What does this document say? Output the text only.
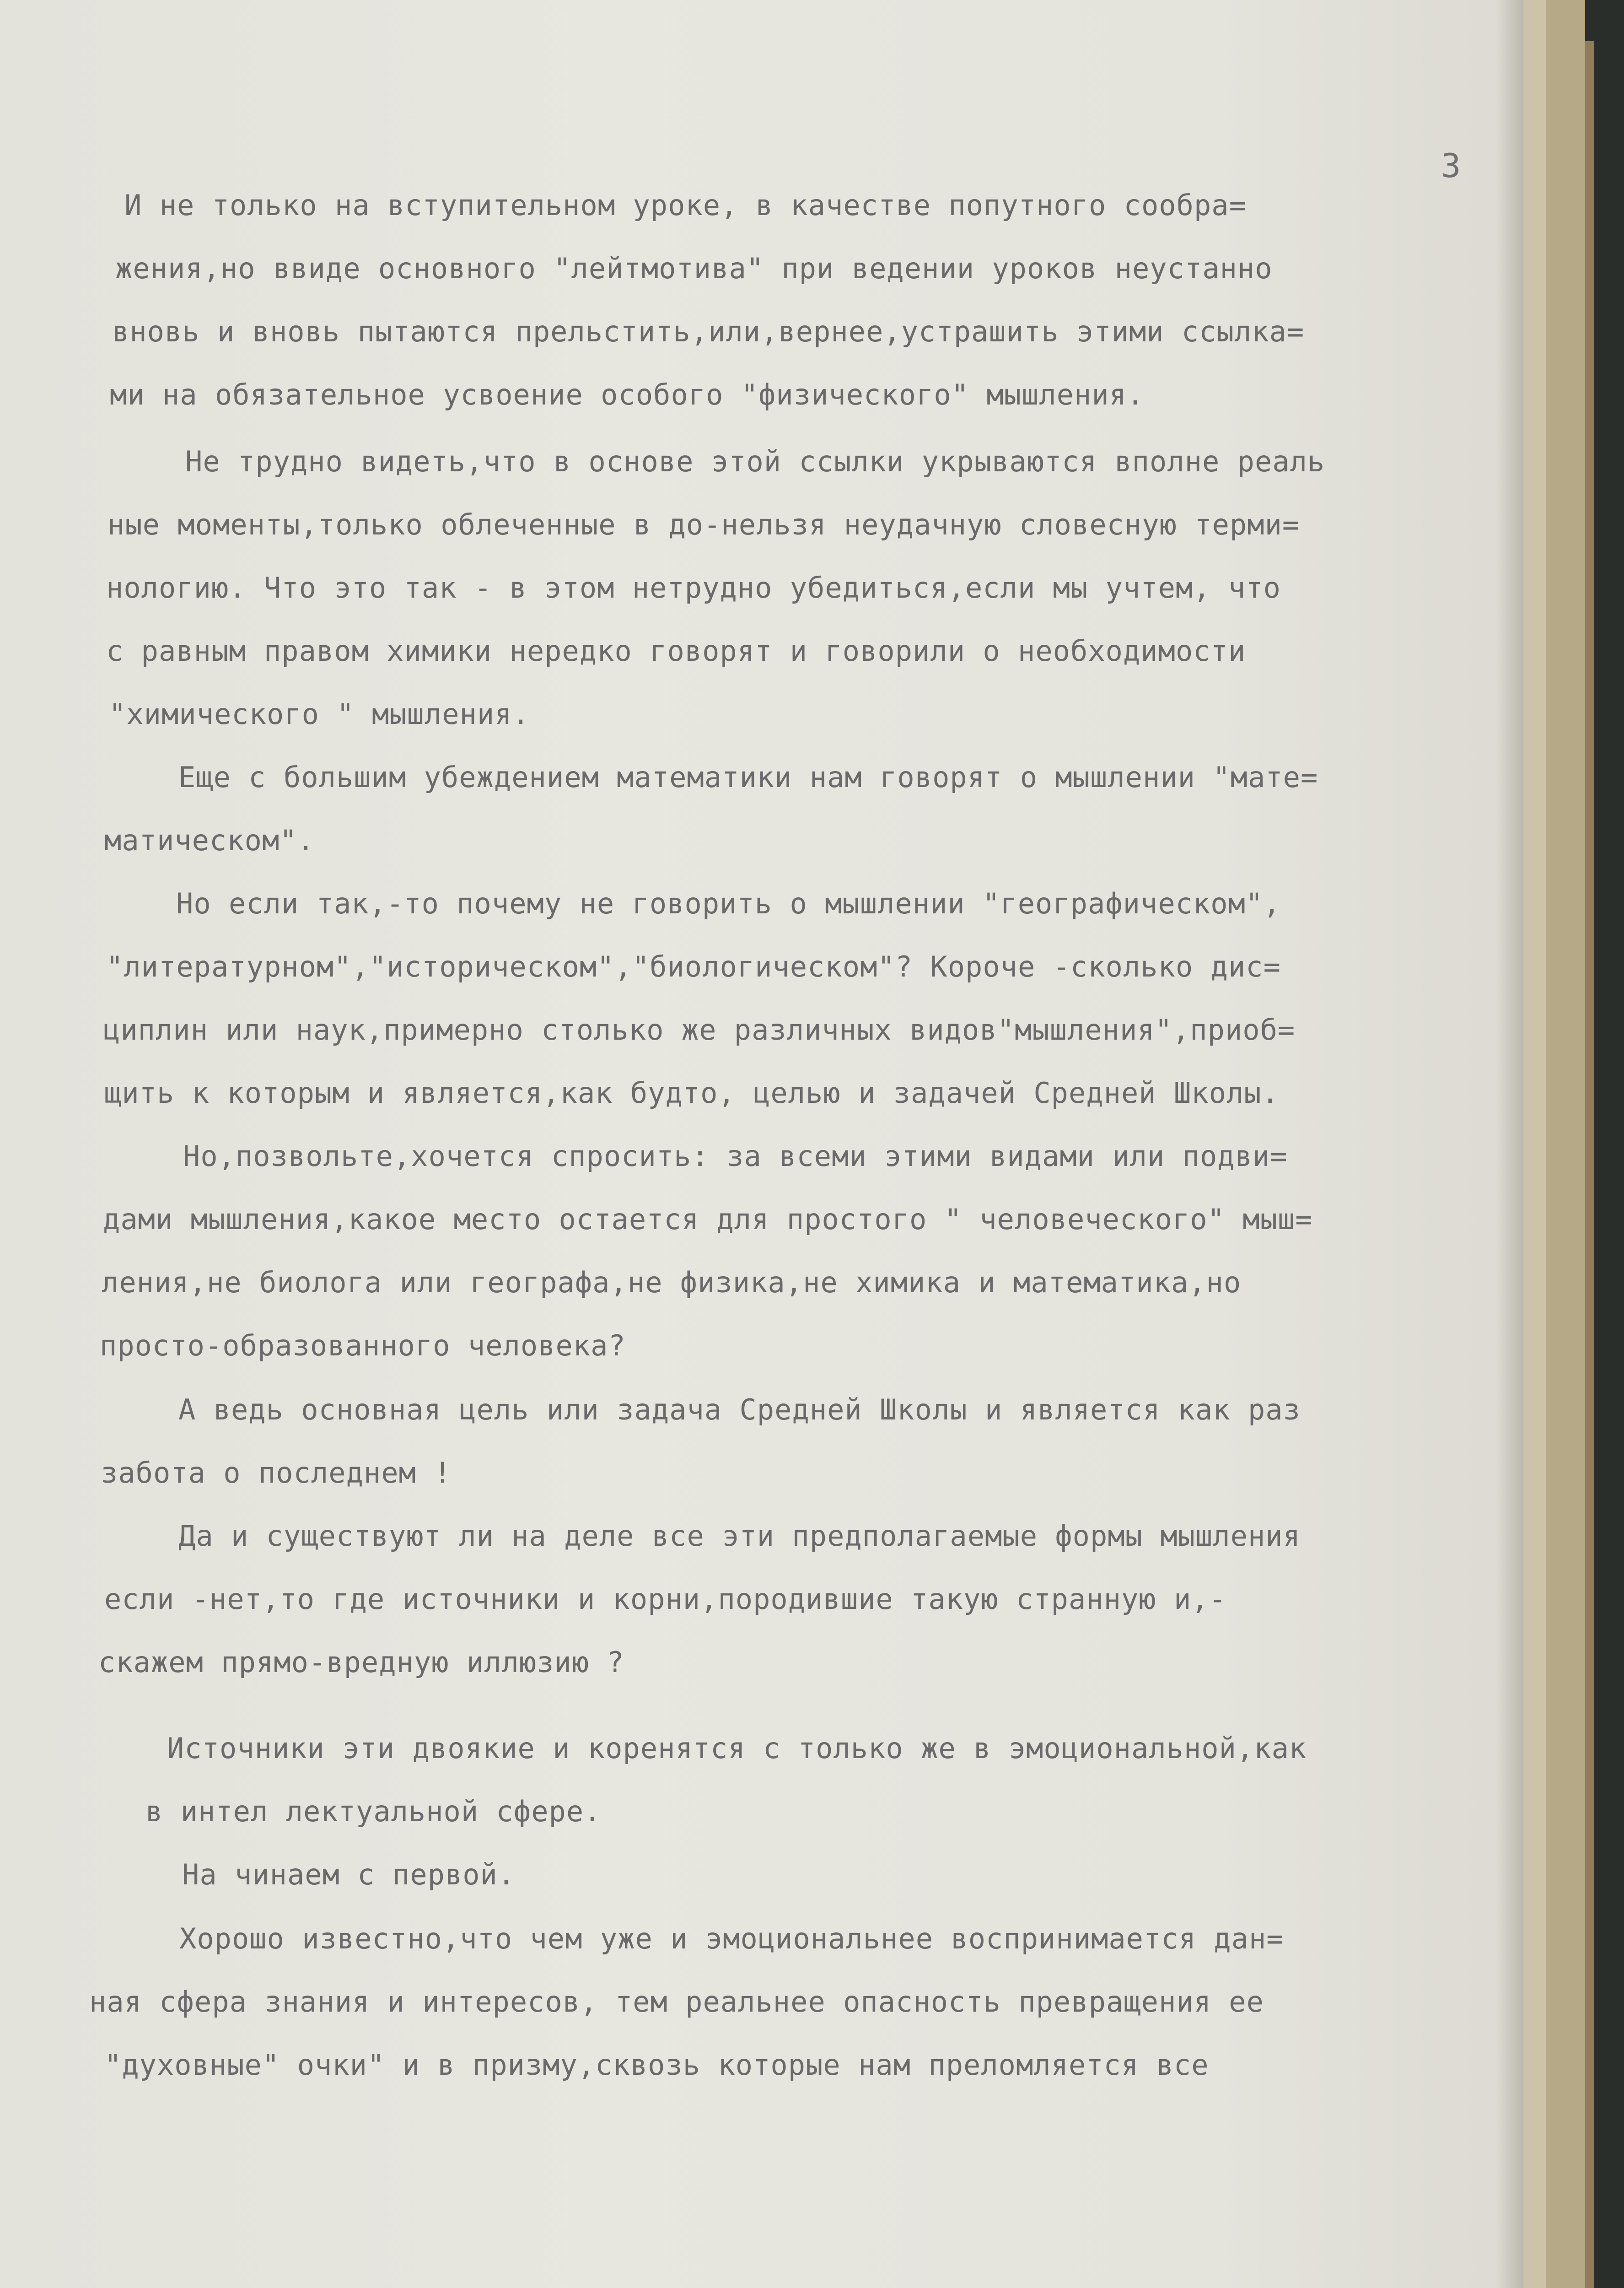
3
И не только на вступительном уроке, в качестве попутного сообра=
жения,но ввиде основного "лейтмотива" при ведении уроков неустанно
вновь и вновь пытаются прельстить,или,вернее,устрашить этими ссылка=
ми на обязательное усвоение особого "физического" мышления.
Не трудно видеть,что в основе этой ссылки укрываются вполне реаль
ные моменты,только облеченные в до-нельзя неудачную словесную терми=
нологию. Что это так - в этом нетрудно убедиться,если мы учтем, что
с равным правом химики нередко говорят и говорили о необходимости
"химического " мышления.
Еще с большим убеждением математики нам говорят о мышлении "мате=
матическом".
Но если так,-то почему не говорить о мышлении "географическом",
"литературном","историческом","биологическом"? Короче -сколько дис=
циплин или наук,примерно столько же различных видов"мышления",приоб=
щить к которым и является,как будто, целью и задачей Средней Школы.
Но,позвольте,хочется спросить: за всеми этими видами или подви=
дами мышления,какое место остается для простого " человеческого" мыш=
ления,не биолога или географа,не физика,не химика и математика,но
просто-образованного человека?
А ведь основная цель или задача Средней Школы и является как раз
забота о последнем !
Да и существуют ли на деле все эти предполагаемые формы мышления
если -нет,то где источники и корни,породившие такую странную и,-
скажем прямо-вредную иллюзию ?
Источники эти двоякие и коренятся с только же в эмоциональной,как
в интел лектуальной сфере.
На чинаем с первой.
Хорошо известно,что чем уже и эмоциональнее воспринимается дан=
ная сфера знания и интересов, тем реальнее опасность превращения ее
"духовные" очки" и в призму,сквозь которые нам преломляется все
